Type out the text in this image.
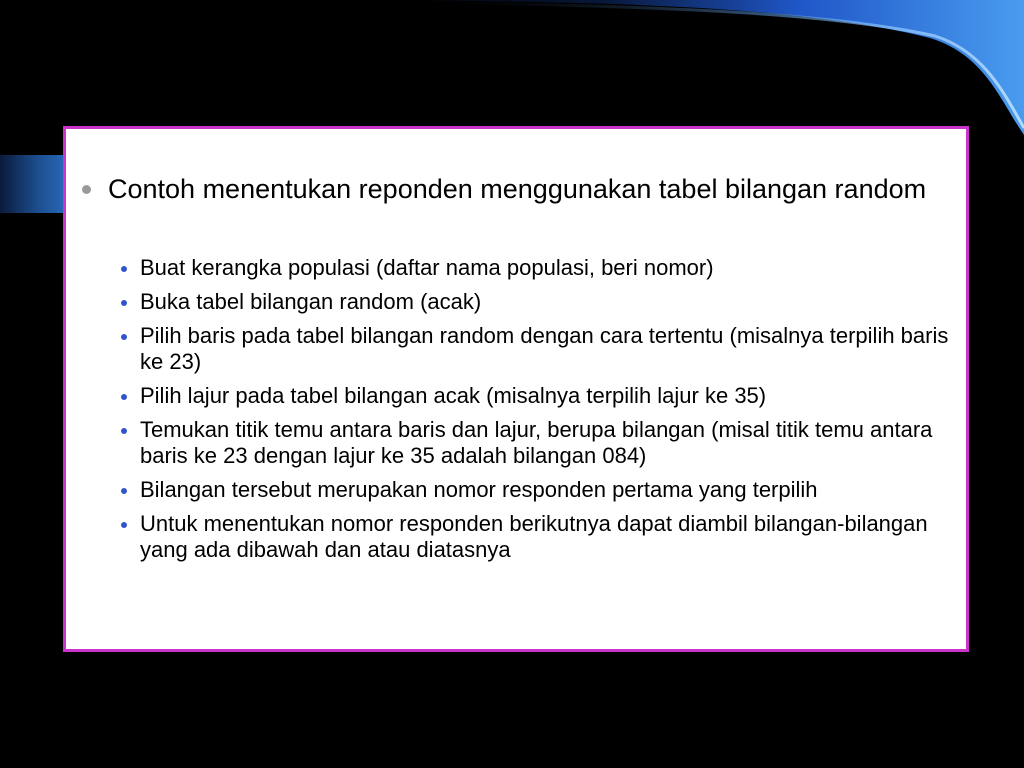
Contoh menentukan reponden menggunakan tabel bilangan random
Buat kerangka populasi (daftar nama populasi, beri nomor)
Buka tabel bilangan random (acak)
Pilih baris pada tabel bilangan random dengan cara tertentu (misalnya terpilih baris ke 23)
Pilih lajur pada tabel bilangan acak (misalnya terpilih lajur ke 35)
Temukan titik temu antara baris dan lajur, berupa bilangan (misal titik temu antara baris ke 23 dengan lajur ke 35 adalah bilangan 084)
Bilangan tersebut merupakan nomor responden pertama yang terpilih
Untuk menentukan nomor responden berikutnya dapat diambil bilangan-bilangan yang ada dibawah dan atau diatasnya
